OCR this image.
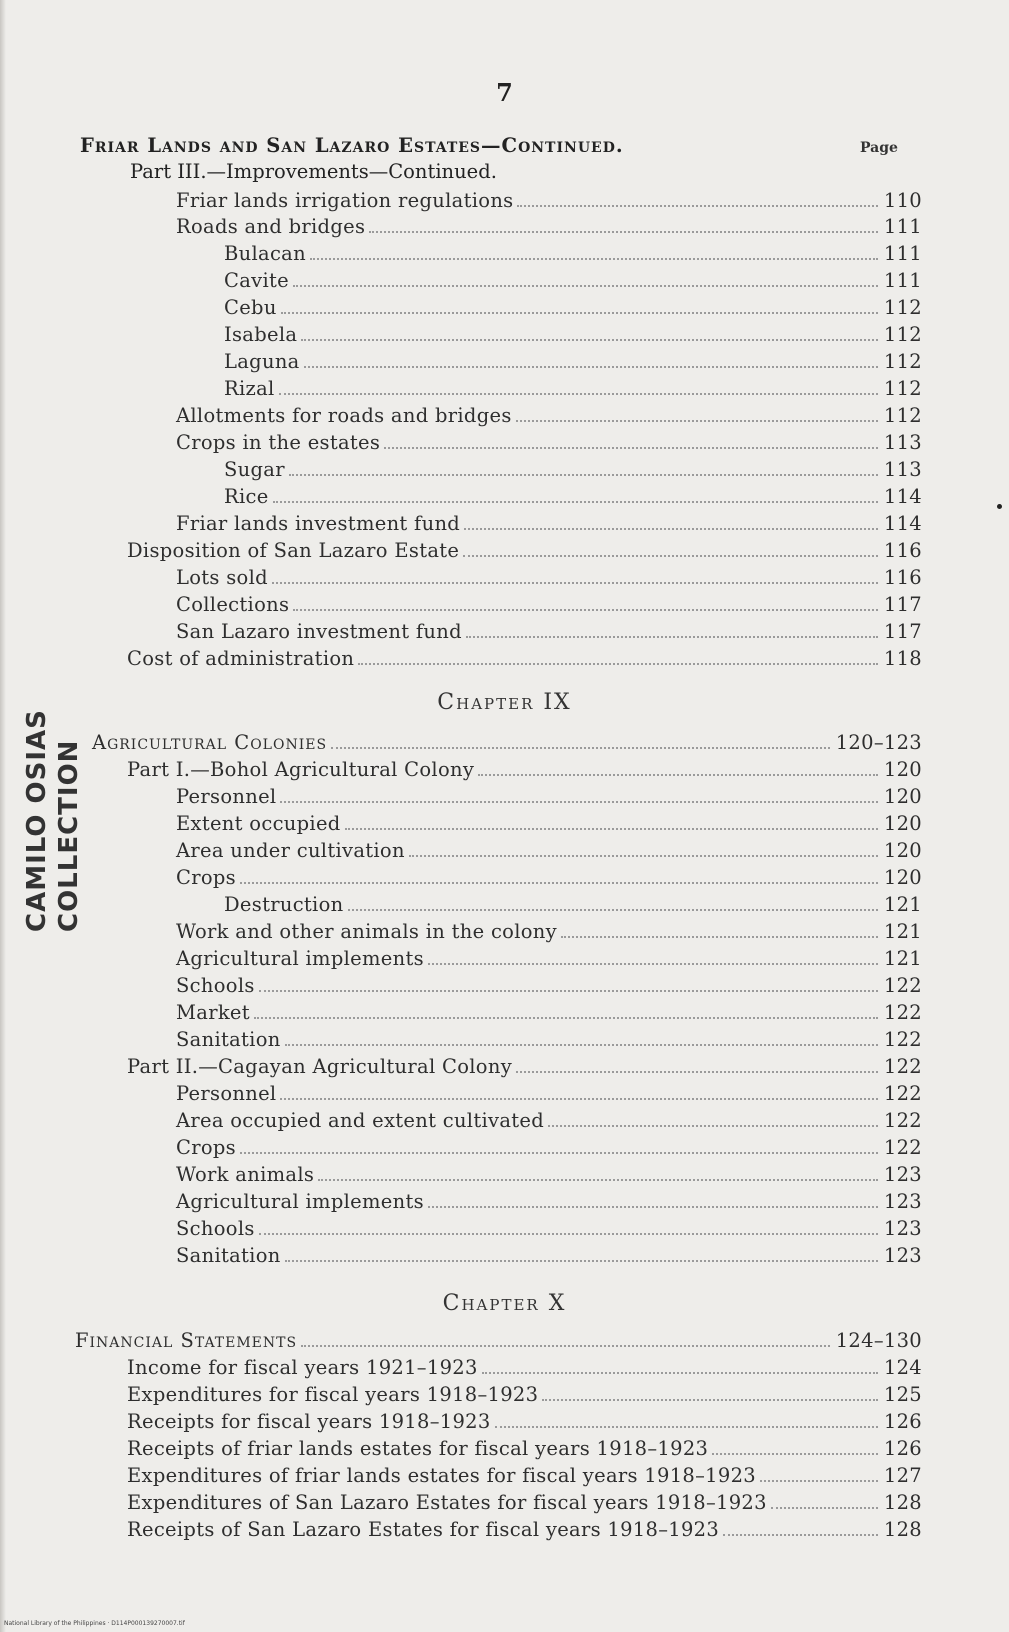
7
Friar Lands and San Lazaro Estates—Continued.	Page
Part III.—Improvements—Continued.
Chapter IX
Chapter X
Friar lands irrigation regulations	110
Roads and bridges	111
Bulacan	111
Cavite	111
Cebu	112
Isabela	112
Laguna	112
Rizal	112
Allotments for roads and bridges	112
Crops in the estates	113
Sugar	113
Rice	114
Friar lands investment fund	114
Disposition of San Lazaro Estate	116
Lots sold	116
Collections	117
San Lazaro investment fund	117
Cost of administration	118
Agricultural Colonies	120–123
Part I.—Bohol Agricultural Colony	120
Personnel	120
Extent occupied	120
Area under cultivation	120
Crops	120
Destruction	121
Work and other animals in the colony	121
Agricultural implements	121
Schools	122
Market	122
Sanitation	122
Part II.—Cagayan Agricultural Colony	122
Personnel	122
Area occupied and extent cultivated	122
Crops	122
Work animals	123
Agricultural implements	123
Schools	123
Sanitation	123
Financial Statements	124–130
Income for fiscal years 1921–1923	124
Expenditures for fiscal years 1918–1923	125
Receipts for fiscal years 1918–1923	126
Receipts of friar lands estates for fiscal years 1918–1923	126
Expenditures of friar lands estates for fiscal years 1918–1923	127
Expenditures of San Lazaro Estates for fiscal years 1918–1923	128
Receipts of San Lazaro Estates for fiscal years 1918–1923	128
CAMILO OSIAS COLLECTION
National Library of the Philippines · D114P000139270007.tif
